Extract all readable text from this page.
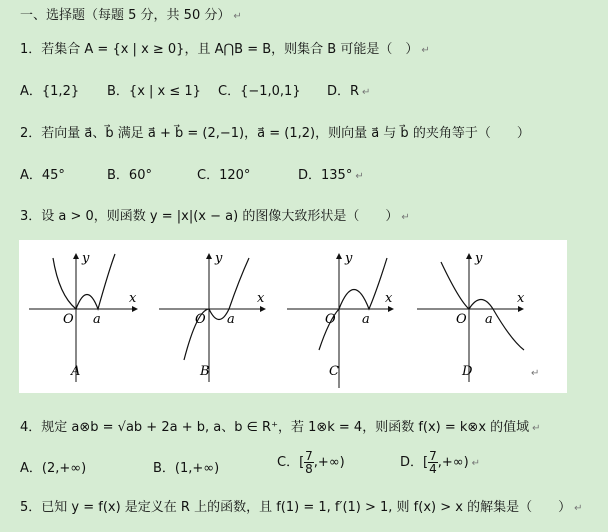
一、选择题（每题 5 分，共 50 分） ↵
1．若集合 A = {x | x ≥ 0}，且 A⋂B = B，则集合 B 可能是（　） ↵
A．{1,2} B．{x | x ≤ 1} C．{−1,0,1} D．R ↵
2．若向量 a⃗、b⃗ 满足 a⃗ + b⃗ = (2,−1)，a⃗ = (1,2)，则向量 a⃗ 与 b⃗ 的夹角等于（　　）
A．45°	B．60°	C．120°	D．135° ↵
3．设 a > 0，则函数 y = |x|(x − a) 的图像大致形状是（　　） ↵
y
x
O a
A
y
x
O a
B
y
x
O a
C
y
x
O a
D	↵
4．规定 a⊗b = √ab + 2a + b, a、b ∈ R⁺，若 1⊗k = 4，则函数 f(x) = k⊗x 的值域 ↵
A．(2,+∞)	B．(1,+∞)	C．[ $\frac{7}{8}$ ,+∞)	D．[ $\frac{7}{4}$ ,+∞) ↵
5．已知 y = f(x) 是定义在 R 上的函数，且 f(1) = 1, f′(1) > 1, 则 f(x) > x 的解集是（　　） ↵
